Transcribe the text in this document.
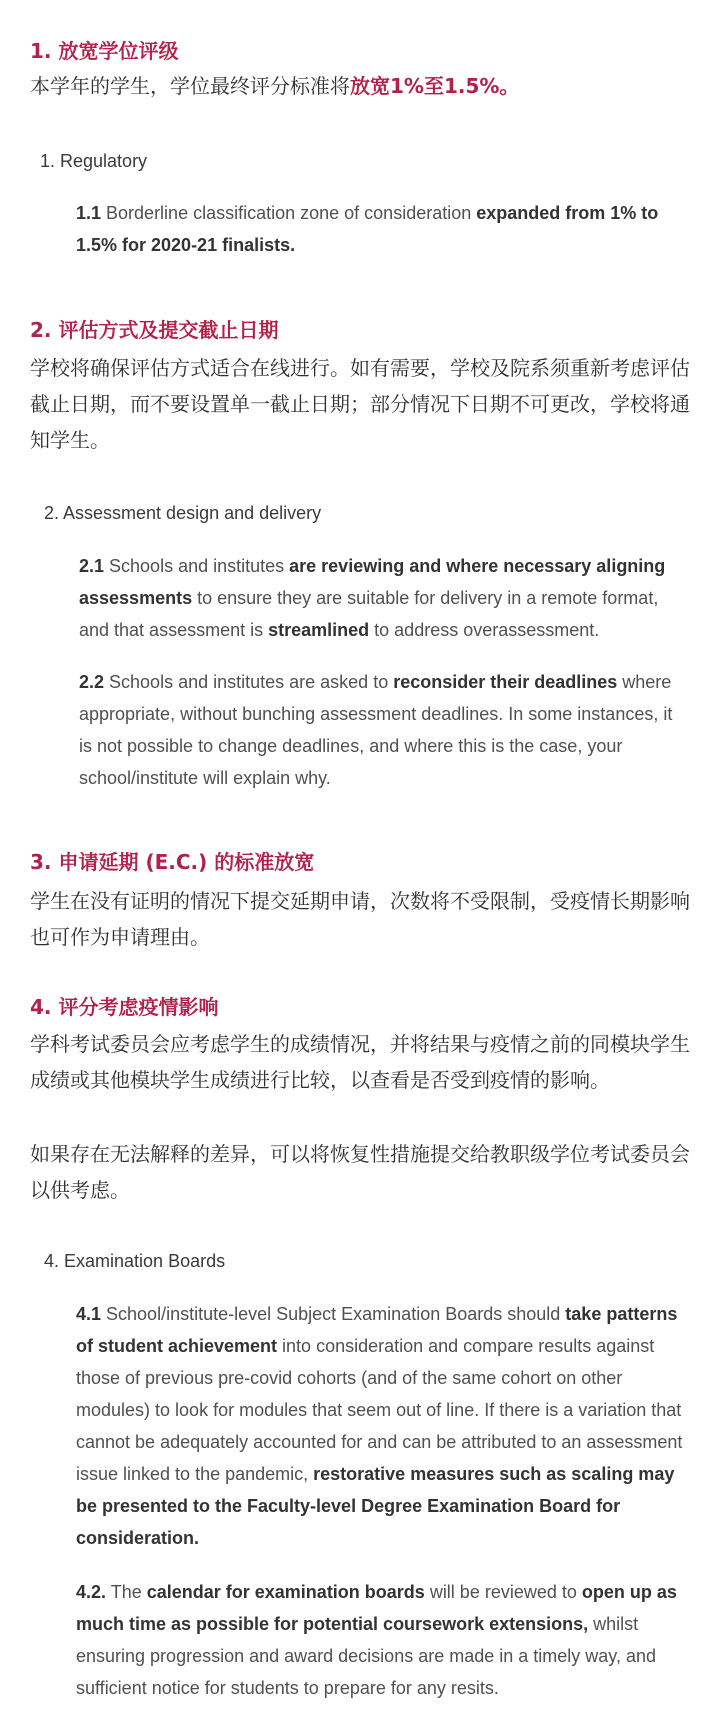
1. 放宽学位评级

本学年的学生，学位最终评分标准将放宽1%至1.5%。

1. Regulatory

1.1 Borderline classification zone of consideration expanded from 1% to 1.5% for 2020-21 finalists.

2. 评估方式及提交截止日期

学校将确保评估方式适合在线进行。如有需要，学校及院系须重新考虑评估截止日期，而不要设置单一截止日期；部分情况下日期不可更改，学校将通知学生。

2. Assessment design and delivery

2.1 Schools and institutes are reviewing and where necessary aligning assessments to ensure they are suitable for delivery in a remote format, and that assessment is streamlined to address overassessment.

2.2 Schools and institutes are asked to reconsider their deadlines where appropriate, without bunching assessment deadlines. In some instances, it is not possible to change deadlines, and where this is the case, your school/institute will explain why.

3. 申请延期 (E.C.) 的标准放宽

学生在没有证明的情况下提交延期申请，次数将不受限制，受疫情长期影响也可作为申请理由。

4. 评分考虑疫情影响

学科考试委员会应考虑学生的成绩情况，并将结果与疫情之前的同模块学生成绩或其他模块学生成绩进行比较，以查看是否受到疫情的影响。

如果存在无法解释的差异，可以将恢复性措施提交给教职级学位考试委员会以供考虑。

4. Examination Boards

4.1 School/institute-level Subject Examination Boards should take patterns of student achievement into consideration and compare results against those of previous pre-covid cohorts (and of the same cohort on other modules) to look for modules that seem out of line. If there is a variation that cannot be adequately accounted for and can be attributed to an assessment issue linked to the pandemic, restorative measures such as scaling may be presented to the Faculty-level Degree Examination Board for consideration.

4.2. The calendar for examination boards will be reviewed to open up as much time as possible for potential coursework extensions, whilst ensuring progression and award decisions are made in a timely way, and sufficient notice for students to prepare for any resits.
